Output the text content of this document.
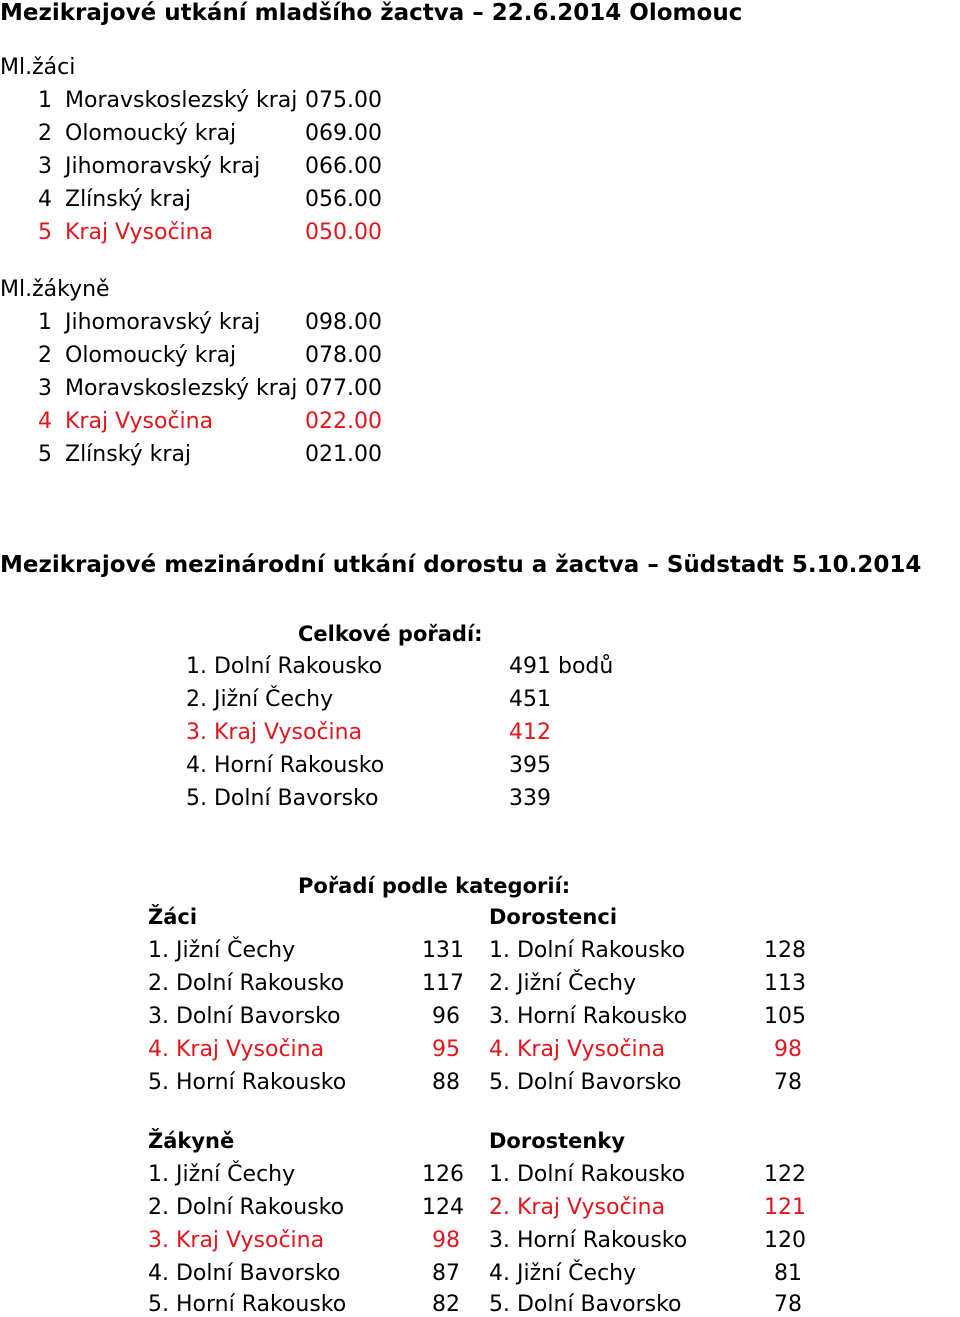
Mezikrajové utkání mladšího žactva – 22.6.2014 Olomouc
Ml.žáci
1 Moravskoslezský kraj 075.00
2 Olomoucký kraj	069.00
3 Jihomoravský kraj 066.00
4 Zlínský kraj	056.00
5 Kraj Vysočina	050.00
Ml.žákyně
1 Jihomoravský kraj 098.00
2 Olomoucký kraj	078.00
3 Moravskoslezský kraj 077.00
4 Kraj Vysočina	022.00
5 Zlínský kraj	021.00
Mezikrajové mezinárodní utkání dorostu a žactva – Südstadt 5.10.2014
Celkové pořadí:
1. Dolní Rakousko	491 bodů
2. Jižní Čechy	451
3. Kraj Vysočina	412
4. Horní Rakousko	395
5. Dolní Bavorsko	339
Pořadí podle kategorií:
Žáci
1. Jižní Čechy	131
2. Dolní Rakousko	117
3. Dolní Bavorsko	96
4. Kraj Vysočina	95
5. Horní Rakousko	88
Dorostenci
1. Dolní Rakousko	128
2. Jižní Čechy	113
3. Horní Rakousko	105
4. Kraj Vysočina	98
5. Dolní Bavorsko	78
Žákyně
1. Jižní Čechy	126
2. Dolní Rakousko	124
3. Kraj Vysočina	98
4. Dolní Bavorsko	87
5. Horní Rakousko	82
Dorostenky
1. Dolní Rakousko	122
2. Kraj Vysočina	121
3. Horní Rakousko	120
4. Jižní Čechy	81
5. Dolní Bavorsko	78
